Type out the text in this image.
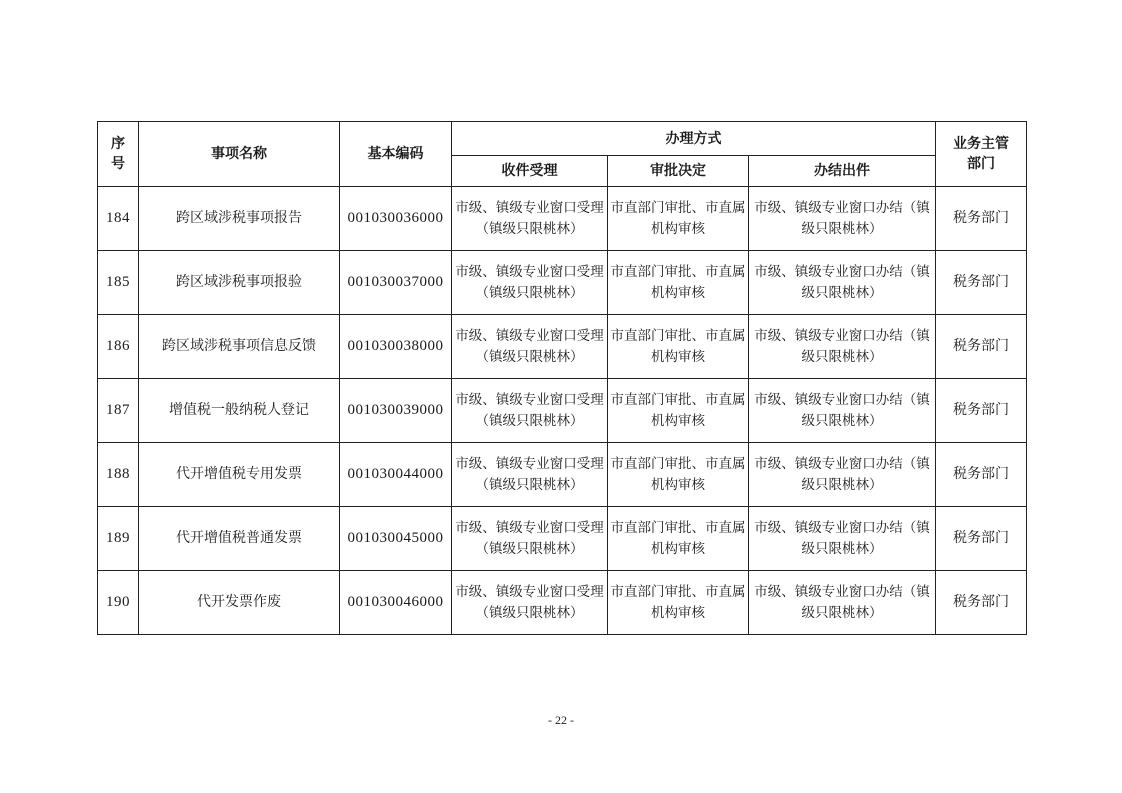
序号	事项名称	基本编码	办理方式			业务主管部门
			收件受理	审批决定	办结出件	
184	跨区域涉税事项报告	001030036000	市级、镇级专业窗口受理（镇级只限桃林）	市直部门审批、市直属机构审核	市级、镇级专业窗口办结（镇级只限桃林）	税务部门
185	跨区域涉税事项报验	001030037000	市级、镇级专业窗口受理（镇级只限桃林）	市直部门审批、市直属机构审核	市级、镇级专业窗口办结（镇级只限桃林）	税务部门
186	跨区域涉税事项信息反馈	001030038000	市级、镇级专业窗口受理（镇级只限桃林）	市直部门审批、市直属机构审核	市级、镇级专业窗口办结（镇级只限桃林）	税务部门
187	增值税一般纳税人登记	001030039000	市级、镇级专业窗口受理（镇级只限桃林）	市直部门审批、市直属机构审核	市级、镇级专业窗口办结（镇级只限桃林）	税务部门
188	代开增值税专用发票	001030044000	市级、镇级专业窗口受理（镇级只限桃林）	市直部门审批、市直属机构审核	市级、镇级专业窗口办结（镇级只限桃林）	税务部门
189	代开增值税普通发票	001030045000	市级、镇级专业窗口受理（镇级只限桃林）	市直部门审批、市直属机构审核	市级、镇级专业窗口办结（镇级只限桃林）	税务部门
190	代开发票作废	001030046000	市级、镇级专业窗口受理（镇级只限桃林）	市直部门审批、市直属机构审核	市级、镇级专业窗口办结（镇级只限桃林）	税务部门
- 22 -
